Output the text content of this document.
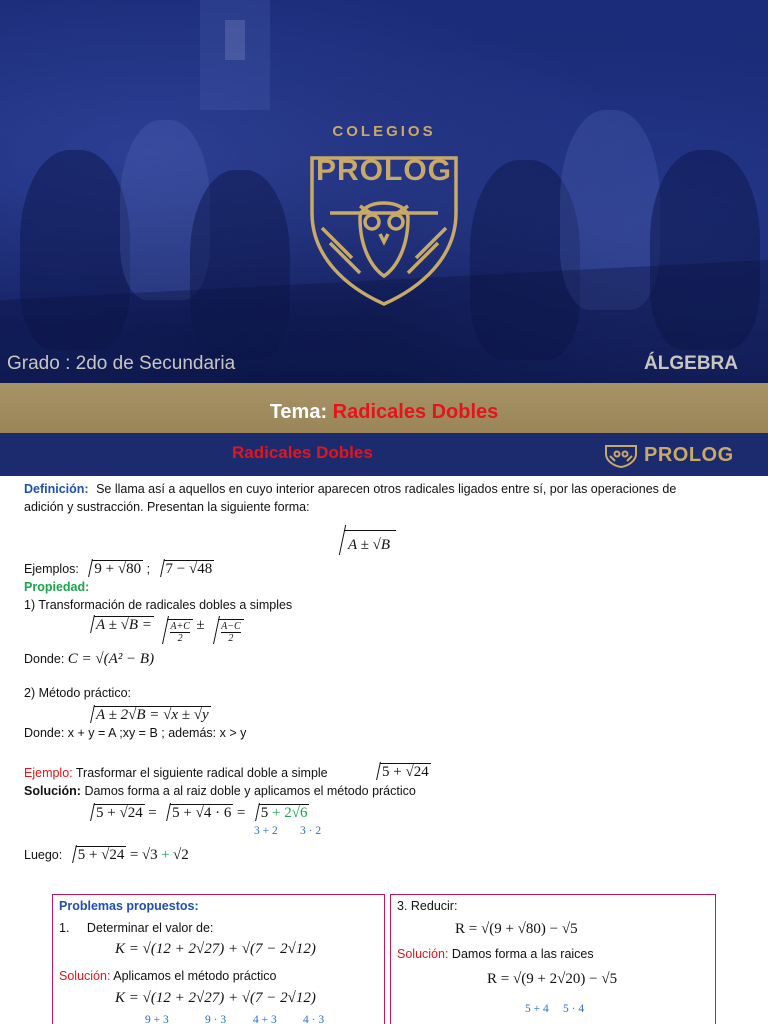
COLEGIOS
PROLOG
Grado : 2do de Secundaria	ÁLGEBRA
Tema: Radicales Dobles
Radicales Dobles	PROLOG
Definición: Se llama así a aquellos en cuyo interior aparecen otros radicales ligados entre sí, por las operaciones de
adición y sustracción. Presentan la siguiente forma:
A ± √B
Ejemplos: 9 + √80 ; 7 − √48
Propiedad:
1) Transformación de radicales dobles a simples
$A \pm √B = \frac{A+C}{2} \pm \frac{A-C}{2}$
Donde: C = √(A² − B)
2) Método práctico:
A ± 2√B = √x ± √y
Donde: x + y = A ;xy = B ; además: x > y
Ejemplo: Trasformar el siguiente radical doble a simple	5 + √24
Solución: Damos forma a al raiz doble y aplicamos el método práctico
5 + √24 = 5 + √4 · 6 = 5 + 2√6
3 + 2 3 · 2
Luego: 5 + √24 = √3 + √2
Problemas propuestos:
1. Determinar el valor de:
K = √(12 + 2√27) + √(7 − 2√12)
Solución: Aplicamos el método práctico
K = √(12 + 2√27) + √(7 − 2√12)
9 + 3	9 · 3 4 + 3 4 · 3
3. Reducir:
R = √(9 + √80) − √5
Solución: Damos forma a las raices
R = √(9 + 2√20) − √5
5 + 4 5 · 4
